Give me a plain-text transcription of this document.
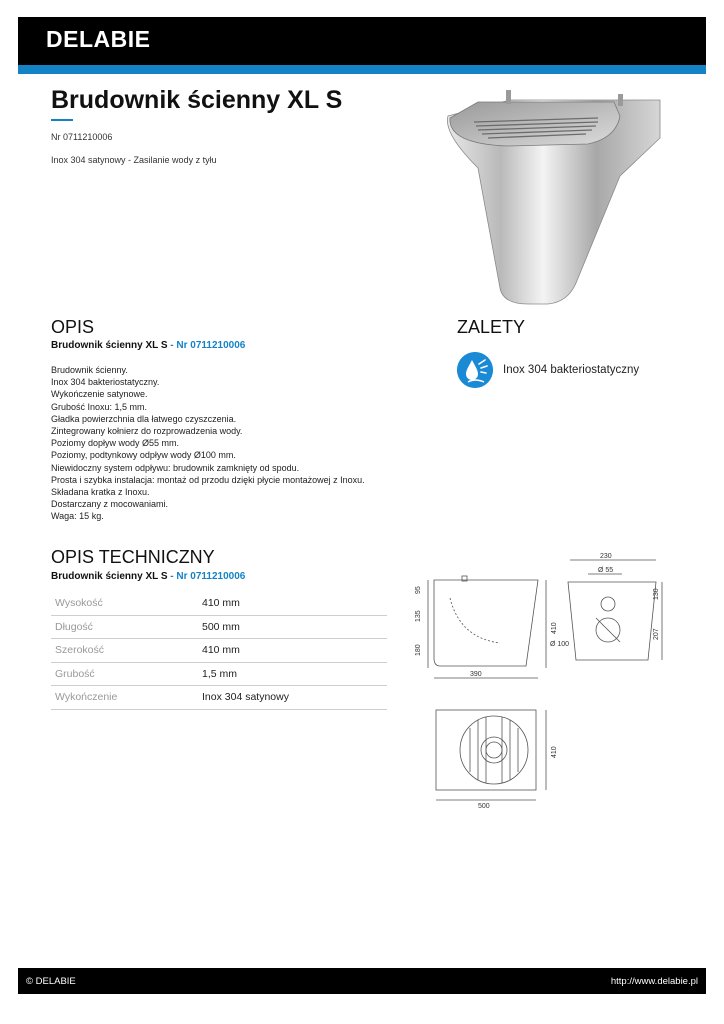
DELABIE
Brudownik ścienny XL S
Nr 0711210006
Inox 304 satynowy - Zasilanie wody z tyłu
OPIS
Brudownik ścienny XL S - Nr 0711210006
Brudownik ścienny.
Inox 304 bakteriostatyczny.
Wykończenie satynowe.
Grubość Inoxu: 1,5 mm.
Gładka powierzchnia dla łatwego czyszczenia.
Zintegrowany kołnierz do rozprowadzenia wody.
Poziomy dopływ wody Ø55 mm.
Poziomy, podtynkowy odpływ wody Ø100 mm.
Niewidoczny system odpływu: brudownik zamknięty od spodu.
Prosta i szybka instalacja: montaż od przodu dzięki płycie montażowej z Inoxu.
Składana kratka z Inoxu.
Dostarczany z mocowaniami.
Waga: 15 kg.
ZALETY
Inox 304 bakteriostatyczny
OPIS TECHNICZNY
Brudownik ścienny XL S - Nr 0711210006
Wysokość	410 mm
Długość	500 mm
Szerokość	410 mm
Grubość	1,5 mm
Wykończenie	Inox 304 satynowy
95
135
180
410
390
230
Ø 55
Ø 100
130
207
500
410
© DELABIE	http://www.delabie.pl
